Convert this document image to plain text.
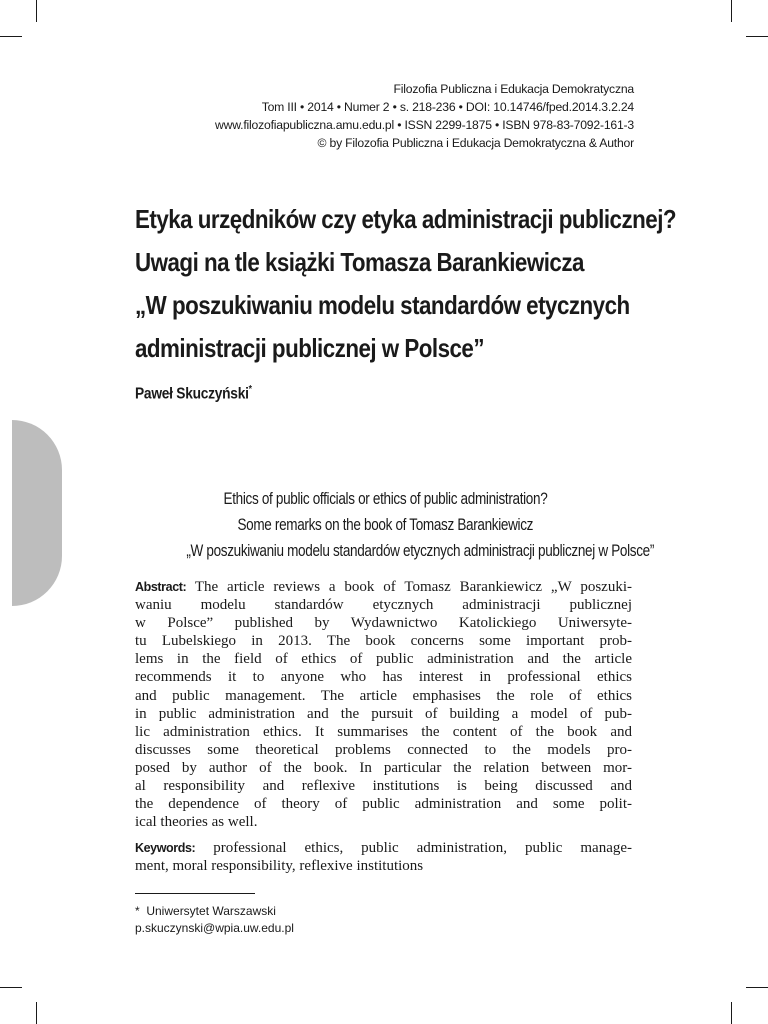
Filozofia Publiczna i Edukacja Demokratyczna
Tom III • 2014 • Numer 2 • s. 218-236 • DOI: 10.14746/fped.2014.3.2.24
www.filozofiapubliczna.amu.edu.pl • ISSN 2299-1875 • ISBN 978-83-7092-161-3
© by Filozofia Publiczna i Edukacja Demokratyczna & Author
Etyka urzędników czy etyka administracji publicznej?
Uwagi na tle książki Tomasza Barankiewicza
„W poszukiwaniu modelu standardów etycznych
administracji publicznej w Polsce”
Paweł Skuczyński*
Ethics of public officials or ethics of public administration?
Some remarks on the book of Tomasz Barankiewicz
„W poszukiwaniu modelu standardów etycznych administracji publicznej w Polsce”
Abstract: The article reviews a book of Tomasz Barankiewicz „W poszuki-
waniu modelu standardów etycznych administracji publicznej
w Polsce” published by Wydawnictwo Katolickiego Uniwersyte-
tu Lubelskiego in 2013. The book concerns some important prob-
lems in the field of ethics of public administration and the article
recommends it to anyone who has interest in professional ethics
and public management. The article emphasises the role of ethics
in public administration and the pursuit of building a model of pub-
lic administration ethics. It summarises the content of the book and
discusses some theoretical problems connected to the models pro-
posed by author of the book. In particular the relation between mor-
al responsibility and reflexive institutions is being discussed and
the dependence of theory of public administration and some polit-
ical theories as well.
Keywords: professional ethics, public administration, public manage-
ment, moral responsibility, reflexive institutions
* Uniwersytet Warszawski
p.skuczynski@wpia.uw.edu.pl
